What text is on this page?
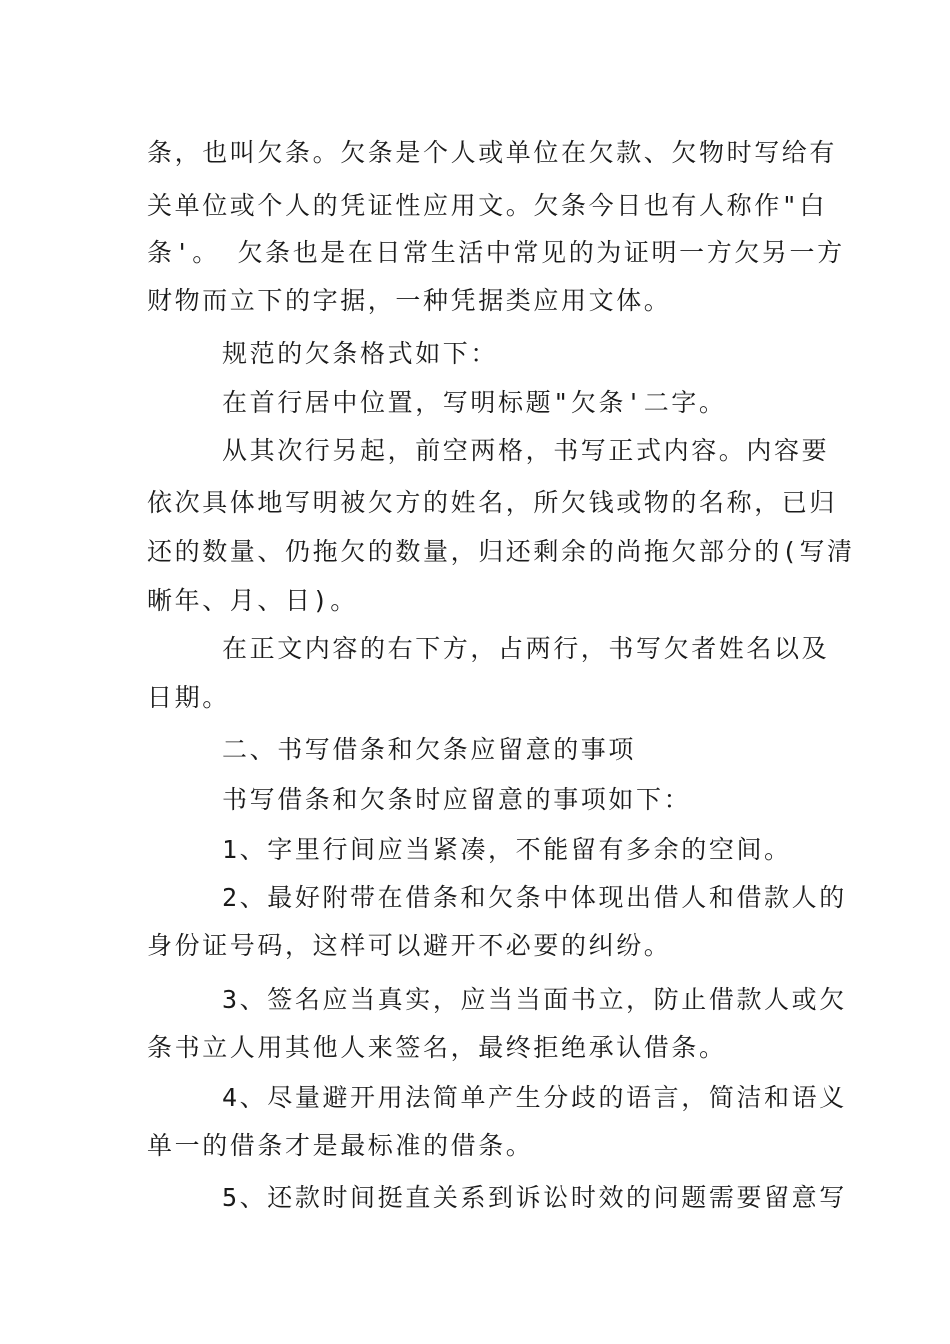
条，也叫欠条。欠条是个人或单位在欠款、欠物时写给有
关单位或个人的凭证性应用文。欠条今日也有人称作"白
条'。 欠条也是在日常生活中常见的为证明一方欠另一方
财物而立下的字据，一种凭据类应用文体。
规范的欠条格式如下：
在首行居中位置，写明标题"欠条'二字。
从其次行另起，前空两格，书写正式内容。内容要
依次具体地写明被欠方的姓名，所欠钱或物的名称，已归
还的数量、仍拖欠的数量，归还剩余的尚拖欠部分的(写清
晰年、月、日)。
在正文内容的右下方，占两行，书写欠者姓名以及
日期。
二、书写借条和欠条应留意的事项
书写借条和欠条时应留意的事项如下：
1、字里行间应当紧凑，不能留有多余的空间。
2、最好附带在借条和欠条中体现出借人和借款人的
身份证号码，这样可以避开不必要的纠纷。
3、签名应当真实，应当当面书立，防止借款人或欠
条书立人用其他人来签名，最终拒绝承认借条。
4、尽量避开用法简单产生分歧的语言，简洁和语义
单一的借条才是最标准的借条。
5、还款时间挺直关系到诉讼时效的问题需要留意写
